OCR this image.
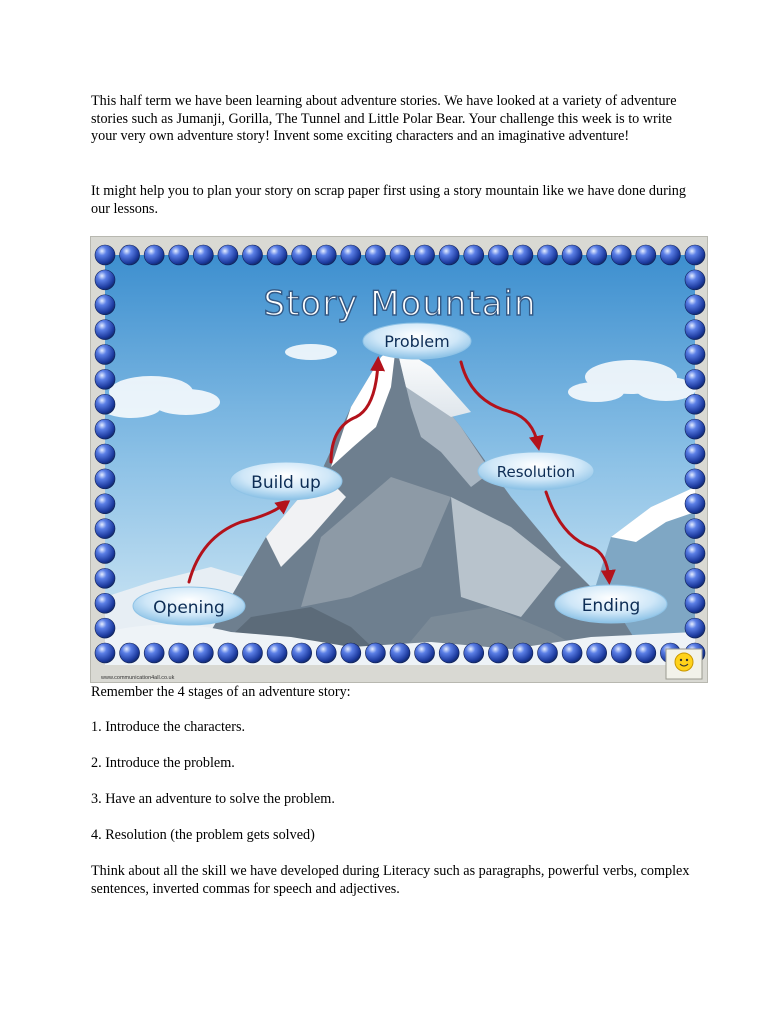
This half term we have been learning about adventure stories. We have looked at a variety of adventure stories such as Jumanji, Gorilla, The Tunnel and Little Polar Bear. Your challenge this week is to write your very own adventure story! Invent some exciting characters and an imaginative adventure!

It might help you to plan your story on scrap paper first using a story mountain like we have done during our lessons.

Opening
Build up
Problem
Resolution
Ending
Story Mountain
www.communication4all.co.uk

Remember the 4 stages of an adventure story:

1. Introduce the characters.

2. Introduce the problem.

3. Have an adventure to solve the problem.

4. Resolution (the problem gets solved)

Think about all the skill we have developed during Literacy such as paragraphs, powerful verbs, complex sentences, inverted commas for speech and adjectives.
